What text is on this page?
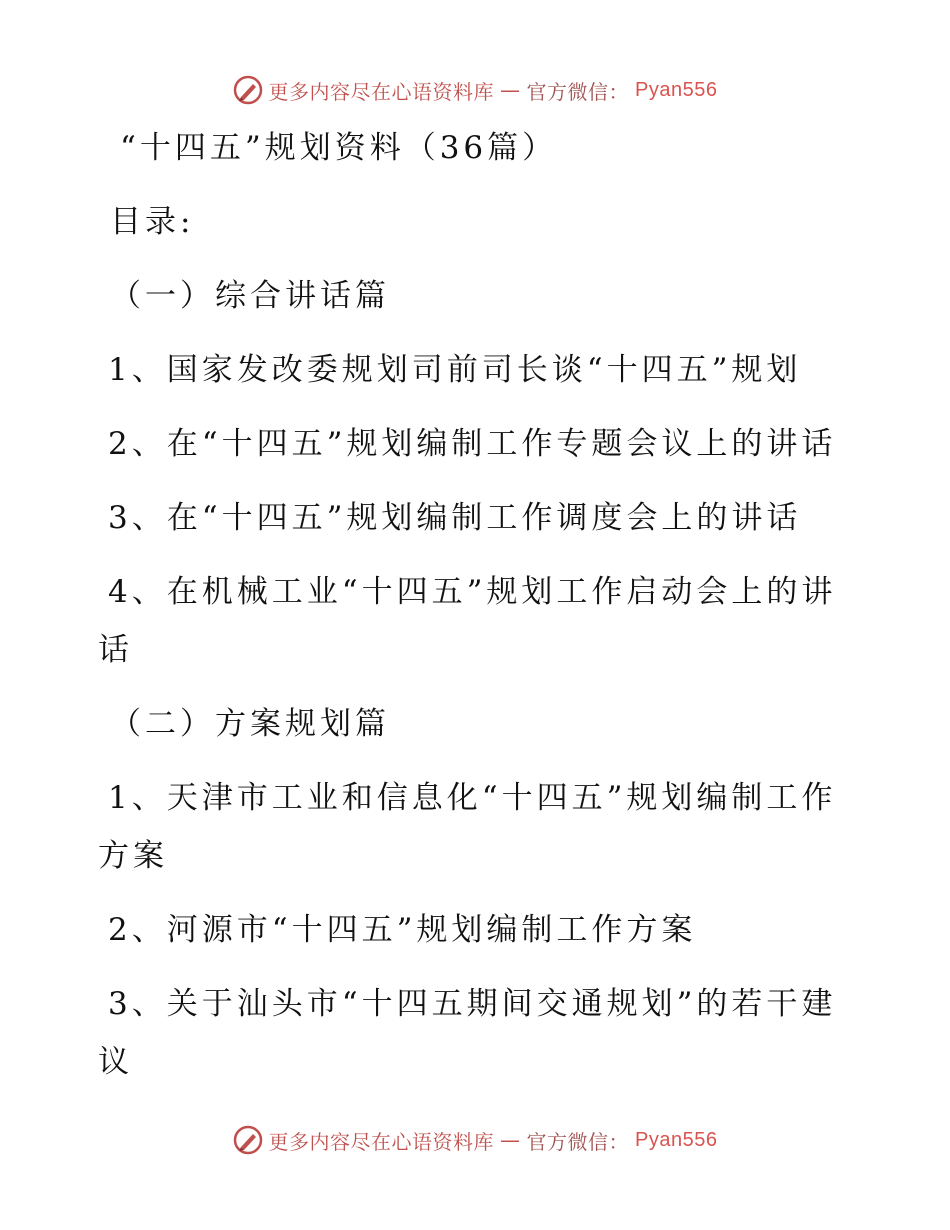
更多内容尽在心语资料库 — 官方微信： Pyan556
“十四五”规划资料（36篇）
目录:
（一）综合讲话篇
1、国家发改委规划司前司长谈“十四五”规划
2、在“十四五”规划编制工作专题会议上的讲话
3、在“十四五”规划编制工作调度会上的讲话
4、在机械工业“十四五”规划工作启动会上的讲
话
（二）方案规划篇
1、天津市工业和信息化“十四五”规划编制工作
方案
2、河源市“十四五”规划编制工作方案
3、关于汕头市“十四五期间交通规划”的若干建
议
更多内容尽在心语资料库 — 官方微信： Pyan556
